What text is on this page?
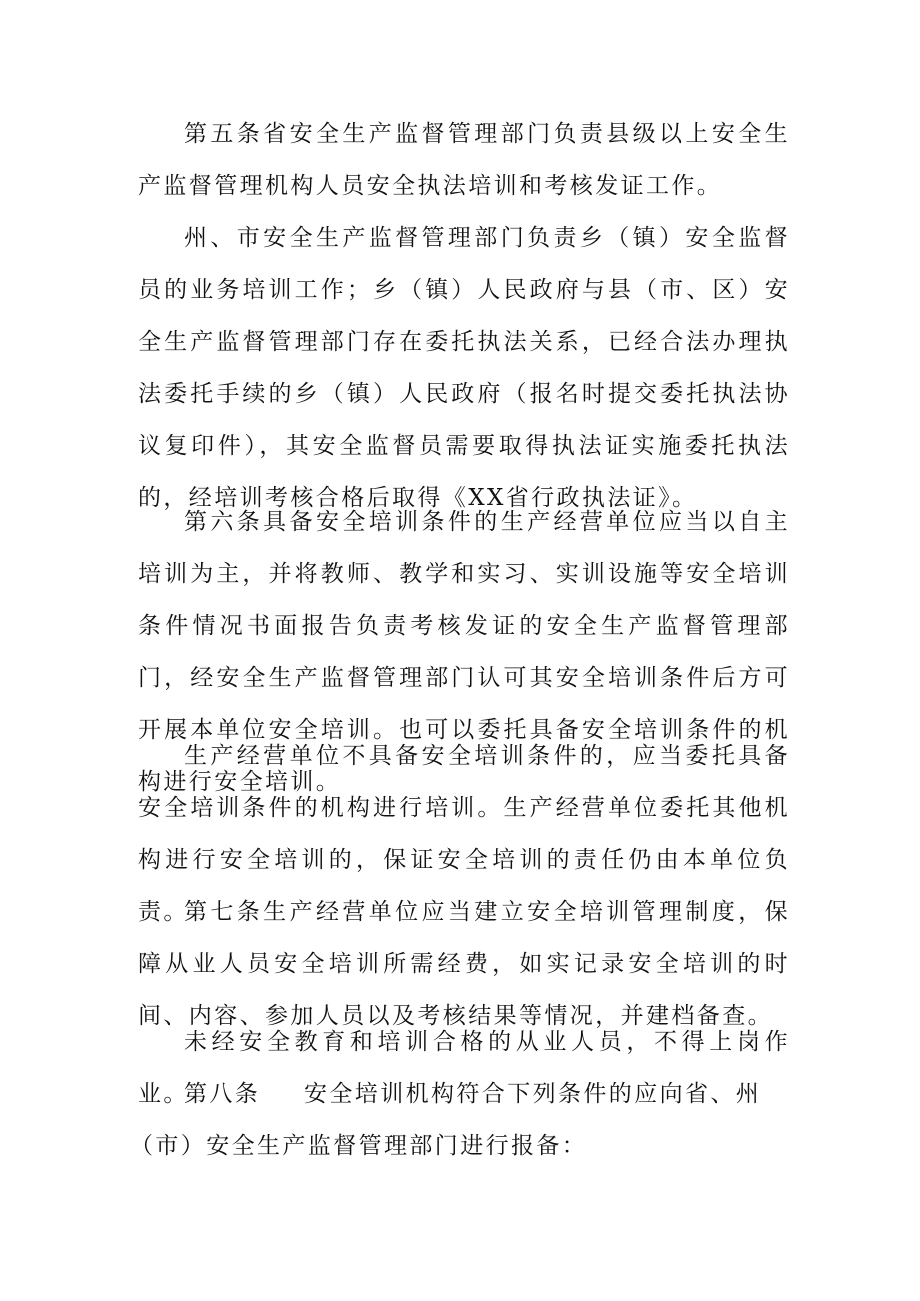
第五条省安全生产监督管理部门负责县级以上安全生产监督管理机构人员安全执法培训和考核发证工作。

州、市安全生产监督管理部门负责乡（镇）安全监督员的业务培训工作；乡（镇）人民政府与县（市、区）安全生产监督管理部门存在委托执法关系，已经合法办理执法委托手续的乡（镇）人民政府（报名时提交委托执法协议复印件），其安全监督员需要取得执法证实施委托执法的，经培训考核合格后取得《XX省行政执法证》。

第六条具备安全培训条件的生产经营单位应当以自主培训为主，并将教师、教学和实习、实训设施等安全培训条件情况书面报告负责考核发证的安全生产监督管理部门，经安全生产监督管理部门认可其安全培训条件后方可开展本单位安全培训。也可以委托具备安全培训条件的机构进行安全培训。

生产经营单位不具备安全培训条件的，应当委托具备安全培训条件的机构进行培训。生产经营单位委托其他机构进行安全培训的，保证安全培训的责任仍由本单位负责。

第七条生产经营单位应当建立安全培训管理制度，保障从业人员安全培训所需经费，如实记录安全培训的时间、内容、参加人员以及考核结果等情况，并建档备查。

未经安全教育和培训合格的从业人员，不得上岗作业。

第八条 安全培训机构符合下列条件的应向省、州
（市）安全生产监督管理部门进行报备：
